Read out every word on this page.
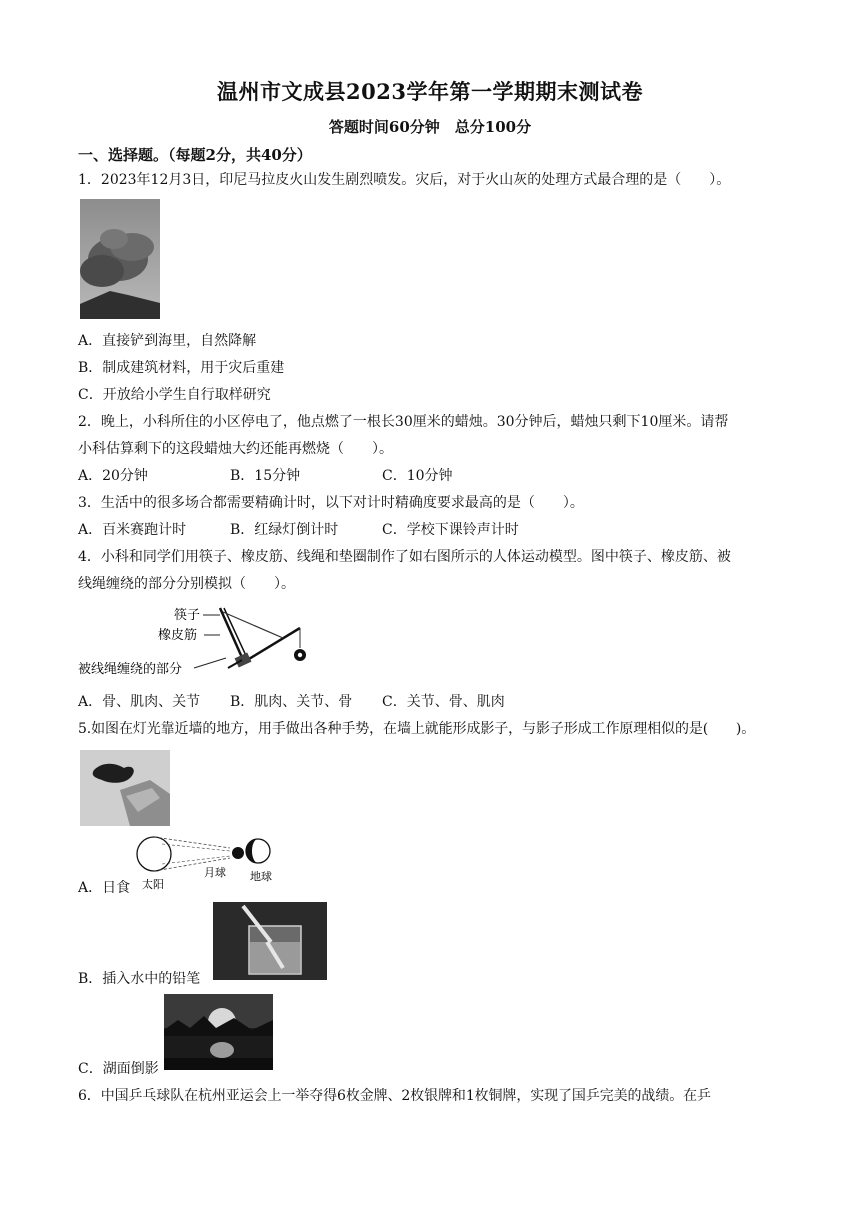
温州市文成县2023学年第一学期期末测试卷
答题时间60分钟　总分100分
一、选择题。（每题2分，共40分）
1．2023年12月3日，印尼马拉皮火山发生剧烈喷发。灾后，对于火山灰的处理方式最合理的是（　　）。
A．直接铲到海里，自然降解
B．制成建筑材料，用于灾后重建
C．开放给小学生自行取样研究
2．晚上，小科所住的小区停电了，他点燃了一根长30厘米的蜡烛。30分钟后，蜡烛只剩下10厘米。请帮
小科估算剩下的这段蜡烛大约还能再燃烧（　　）。
A．20分钟	B．15分钟	C．10分钟
3．生活中的很多场合都需要精确计时，以下对计时精确度要求最高的是（　　）。
A．百米赛跑计时	B．红绿灯倒计时	C．学校下课铃声计时
4．小科和同学们用筷子、橡皮筋、线绳和垫圈制作了如右图所示的人体运动模型。图中筷子、橡皮筋、被
线绳缠绕的部分分别模拟（　　）。
筷子
橡皮筋
被线绳缠绕的部分
A．骨、肌肉、关节 B．肌肉、关节、骨 C．关节、骨、肌肉
5.如图在灯光靠近墙的地方，用手做出各种手势，在墙上就能形成影子，与影子形成工作原理相似的是(　　)。
太阳
月球 地球
A．日食
B．插入水中的铅笔
C．湖面倒影
6．中国乒乓球队在杭州亚运会上一举夺得6枚金牌、2枚银牌和1枚铜牌，实现了国乒完美的战绩。在乒
